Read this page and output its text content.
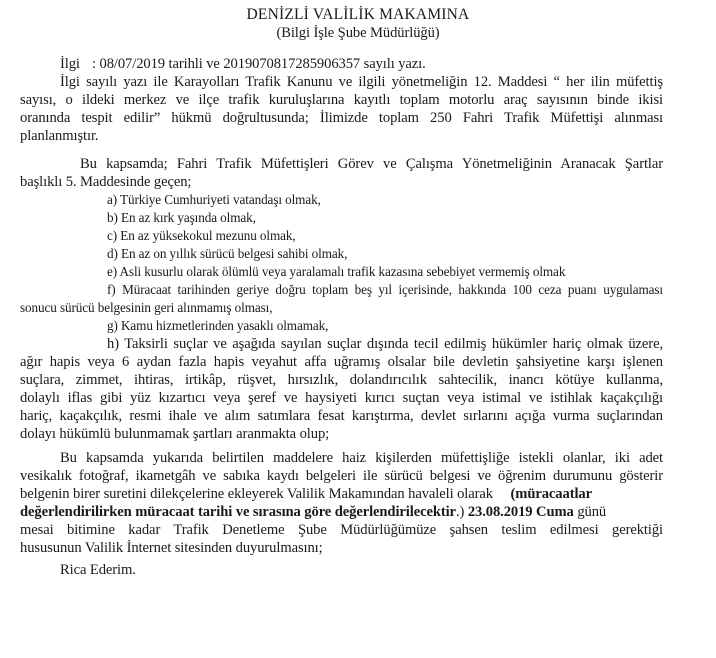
DENİZLİ VALİLİK MAKAMINA
(Bilgi İşle Şube Müdürlüğü)
İlgi : 08/07/2019 tarihli ve 2019070817285906357 sayılı yazı.
İlgi sayılı yazı ile Karayolları Trafik Kanunu ve ilgili yönetmeliğin 12. Maddesi “ her ilin müfettiş
sayısı, o ildeki merkez ve ilçe trafik kuruluşlarına kayıtlı toplam motorlu araç sayısının binde ikisi
oranında tespit edilir” hükmü doğrultusunda; İlimizde toplam 250 Fahri Trafik Müfettişi alınması
planlanmıştır.
Bu kapsamda; Fahri Trafik Müfettişleri Görev ve Çalışma Yönetmeliğinin Aranacak Şartlar
başlıklı 5. Maddesinde geçen;
a) Türkiye Cumhuriyeti vatandaşı olmak,
b) En az kırk yaşında olmak,
c) En az yüksekokul mezunu olmak,
d) En az on yıllık sürücü belgesi sahibi olmak,
e) Asli kusurlu olarak ölümlü veya yaralamalı trafik kazasına sebebiyet vermemiş olmak
f) Müracaat tarihinden geriye doğru toplam beş yıl içerisinde, hakkında 100 ceza puanı uygulaması
sonucu sürücü belgesinin geri alınmamış olması,
g) Kamu hizmetlerinden yasaklı olmamak,
h) Taksirli suçlar ve aşağıda sayılan suçlar dışında tecil edilmiş hükümler hariç olmak üzere,
ağır hapis veya 6 aydan fazla hapis veyahut affa uğramış olsalar bile devletin şahsiyetine karşı işlenen
suçlara, zimmet, ihtiras, irtikâp, rüşvet, hırsızlık, dolandırıcılık sahtecilik, inancı kötüye kullanma,
dolaylı iflas gibi yüz kızartıcı veya şeref ve haysiyeti kırıcı suçtan veya istimal ve istihlak kaçakçılığı
hariç, kaçakçılık, resmi ihale ve alım satımlara fesat karıştırma, devlet sırlarını açığa vurma suçlarından
dolayı hükümlü bulunmamak şartları aranmakta olup;
Bu kapsamda yukarıda belirtilen maddelere haiz kişilerden müfettişliğe istekli olanlar, iki adet
vesikalık fotoğraf, ikametgâh ve sabıka kaydı belgeleri ile sürücü belgesi ve öğrenim durumunu gösterir
belgenin birer suretini dilekçelerine ekleyerek Valilik Makamından havaleli olarak (müracaatlar
değerlendirilirken müracaat tarihi ve sırasına göre değerlendirilecektir.) 23.08.2019 Cuma günü
mesai bitimine kadar Trafik Denetleme Şube Müdürlüğümüze şahsen teslim edilmesi gerektiği
hususunun Valilik İnternet sitesinden duyurulmasını;
Rica Ederim.
